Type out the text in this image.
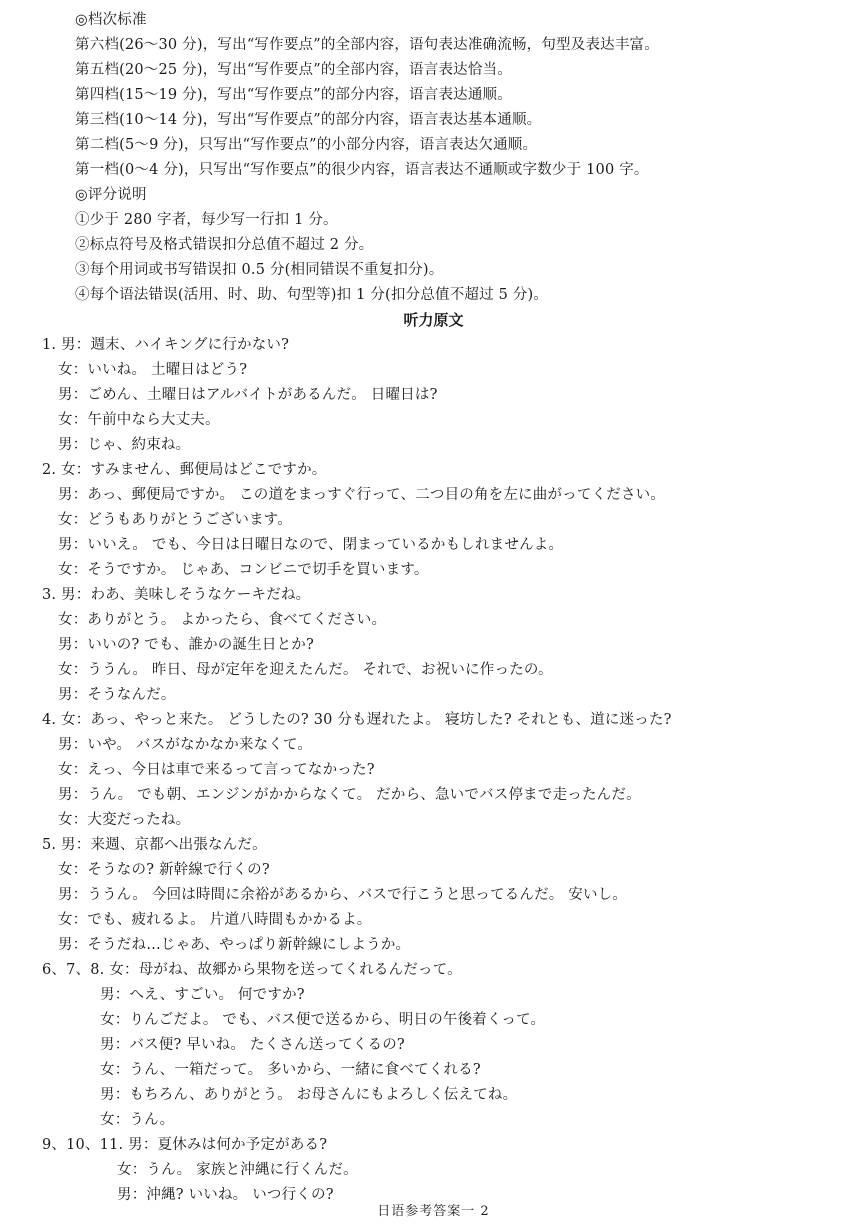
◎档次标准
第六档(26～30 分)，写出“写作要点”的全部内容，语句表达准确流畅，句型及表达丰富。
第五档(20～25 分)，写出“写作要点”的全部内容，语言表达恰当。
第四档(15～19 分)，写出“写作要点”的部分内容，语言表达通顺。
第三档(10～14 分)，写出“写作要点”的部分内容，语言表达基本通顺。
第二档(5～9 分)，只写出“写作要点”的小部分内容，语言表达欠通顺。
第一档(0～4 分)，只写出“写作要点”的很少内容，语言表达不通顺或字数少于 100 字。
◎评分说明
①少于 280 字者，每少写一行扣 1 分。
②标点符号及格式错误扣分总值不超过 2 分。
③每个用词或书写错误扣 0.5 分(相同错误不重复扣分)。
④每个语法错误(活用、时、助、句型等)扣 1 分(扣分总值不超过 5 分)。
听力原文
1. 男：週末、ハイキングに行かない?
女：いいね。 土曜日はどう?
男：ごめん、土曜日はアルバイトがあるんだ。 日曜日は?
女：午前中なら大丈夫。
男：じゃ、約束ね。
2. 女：すみません、郵便局はどこですか。
男：あっ、郵便局ですか。 この道をまっすぐ行って、二つ目の角を左に曲がってください。
女：どうもありがとうございます。
男：いいえ。 でも、今日は日曜日なので、閉まっているかもしれませんよ。
女：そうですか。 じゃあ、コンビニで切手を買います。
3. 男：わあ、美味しそうなケーキだね。
女：ありがとう。 よかったら、食べてください。
男：いいの? でも、誰かの誕生日とか?
女：ううん。 昨日、母が定年を迎えたんだ。 それで、お祝いに作ったの。
男：そうなんだ。
4. 女：あっ、やっと来た。 どうしたの? 30 分も遅れたよ。 寝坊した? それとも、道に迷った?
男：いや。 バスがなかなか来なくて。
女：えっ、今日は車で来るって言ってなかった?
男：うん。 でも朝、エンジンがかからなくて。 だから、急いでバス停まで走ったんだ。
女：大変だったね。
5. 男：来週、京都へ出張なんだ。
女：そうなの? 新幹線で行くの?
男：ううん。 今回は時間に余裕があるから、バスで行こうと思ってるんだ。 安いし。
女：でも、疲れるよ。 片道八時間もかかるよ。
男：そうだね…じゃあ、やっぱり新幹線にしようか。
6、7、8. 女：母がね、故郷から果物を送ってくれるんだって。
男：へえ、すごい。 何ですか?
女：りんごだよ。 でも、バス便で送るから、明日の午後着くって。
男：バス便? 早いね。 たくさん送ってくるの?
女：うん、一箱だって。 多いから、一緒に食べてくれる?
男：もちろん、ありがとう。 お母さんにもよろしく伝えてね。
女：うん。
9、10、11. 男：夏休みは何か予定がある?
女：うん。 家族と沖縄に行くんだ。
男：沖縄? いいね。 いつ行くの?
日语参考答案一 2
